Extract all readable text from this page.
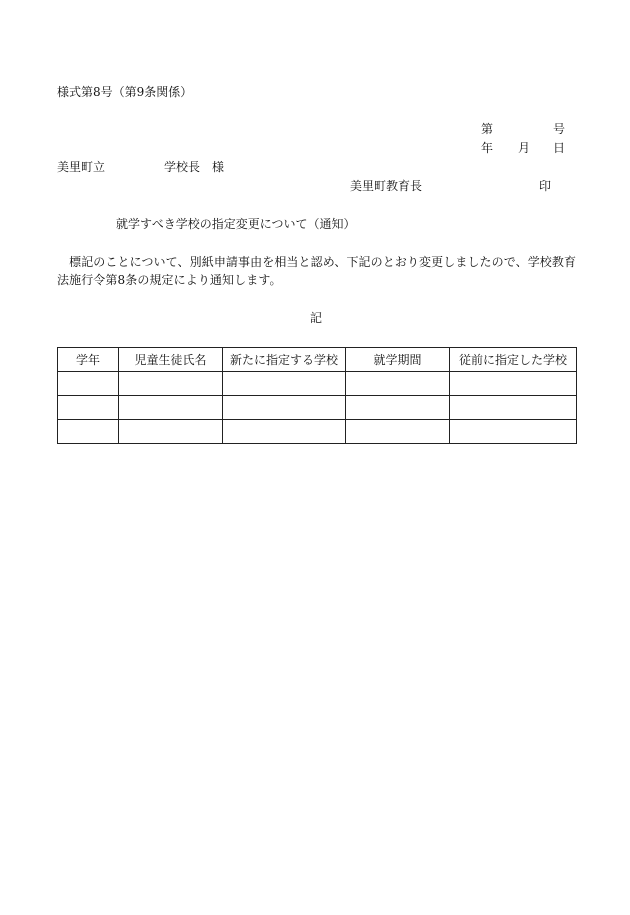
様式第8号（第9条関係）
第	号
年 月 日
美里町立	学校長　様
美里町教育長	印
就学すべき学校の指定変更について（通知）
　標記のことについて、別紙申請事由を相当と認め、下記のとおり変更しましたので、学校教育法施行令第8条の規定により通知します。
記
学年	児童生徒氏名	新たに指定する学校	就学期間	従前に指定した学校
